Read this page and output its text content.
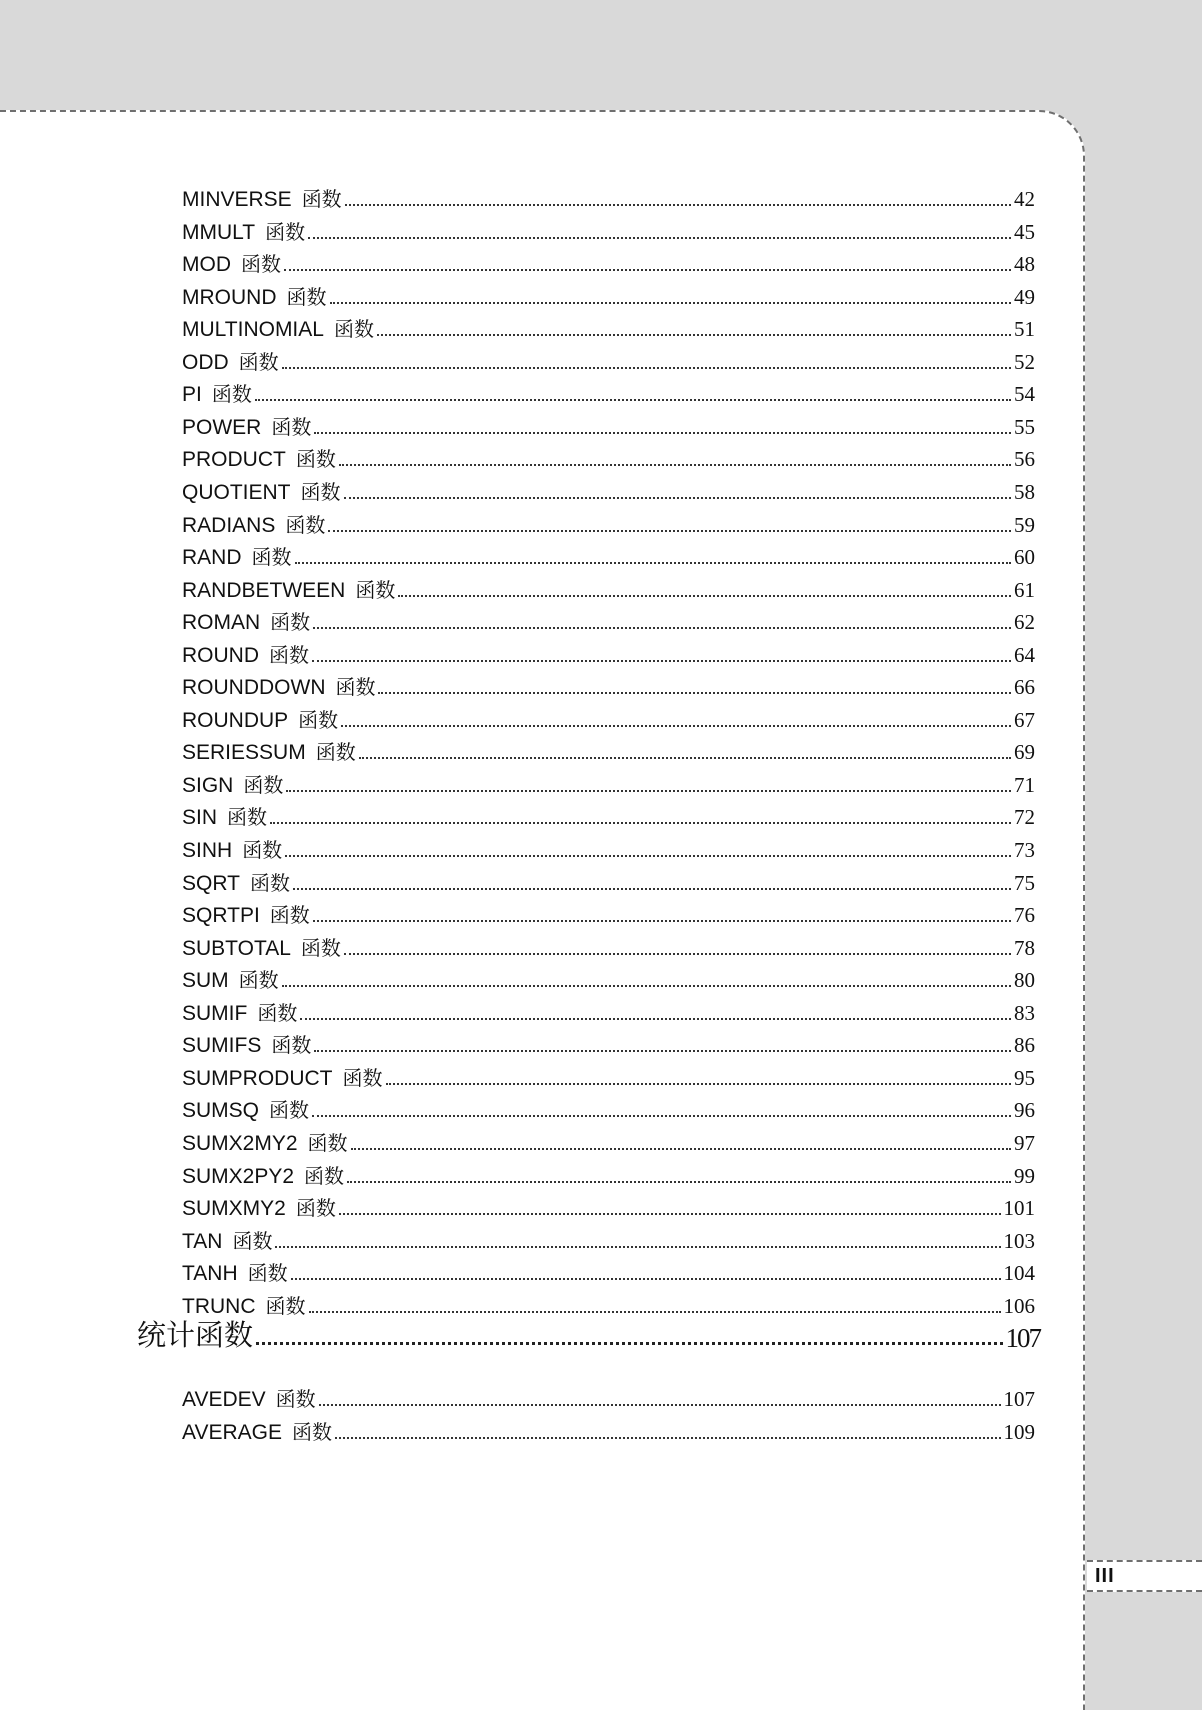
MINVERSE 函数	42
MMULT 函数	45
MOD 函数	48
MROUND 函数	49
MULTINOMIAL 函数	51
ODD 函数	52
PI 函数	54
POWER 函数	55
PRODUCT 函数	56
QUOTIENT 函数	58
RADIANS 函数	59
RAND 函数	60
RANDBETWEEN 函数	61
ROMAN 函数	62
ROUND 函数	64
ROUNDDOWN 函数	66
ROUNDUP 函数	67
SERIESSUM 函数	69
SIGN 函数	71
SIN 函数	72
SINH 函数	73
SQRT 函数	75
SQRTPI 函数	76
SUBTOTAL 函数	78
SUM 函数	80
SUMIF 函数	83
SUMIFS 函数	86
SUMPRODUCT 函数	95
SUMSQ 函数	96
SUMX2MY2 函数	97
SUMX2PY2 函数	99
SUMXMY2 函数	101
TAN 函数	103
TANH 函数	104
TRUNC 函数	106
统计函数	107
AVEDEV 函数	107
AVERAGE 函数	109
III
